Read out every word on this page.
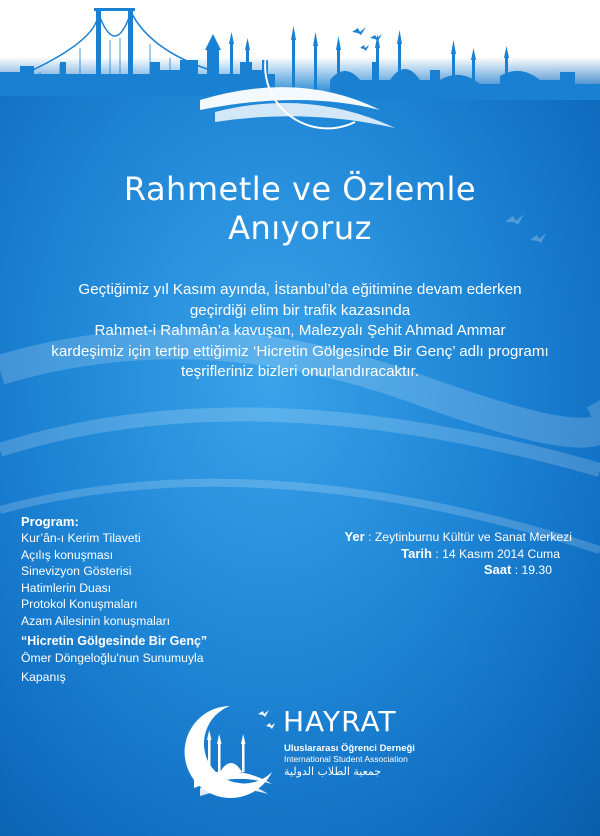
Rahmetle ve Özlemle
Anıyoruz
Geçtiğimiz yıl Kasım ayında, İstanbul’da eğitimine devam ederken
geçirdiği elim bir trafik kazasında
Rahmet-i Rahmân’a kavuşan, Malezyalı Şehit Ahmad Ammar
kardeşimiz için tertip ettiğimiz ‘Hicretin Gölgesinde Bir Genç’ adlı programı
teşrifleriniz bizleri onurlandıracaktır.
Program:
Kur’ân-ı Kerim Tilaveti
Açılış konuşması
Sinevizyon Gösterisi
Hatimlerin Duası
Protokol Konuşmaları
Azam Ailesinin konuşmaları
“Hicretin Gölgesinde Bir Genç”
Ömer Döngeloğlu'nun Sunumuyla
Kapanış
Yer : Zeytinburnu Kültür ve Sanat Merkezi
Tarih : 14 Kasım 2014 Cuma
Saat : 19.30
HAYRAT
Uluslararası Öğrenci Derneği
International Student Association
جمعية الطلاب الدولية
